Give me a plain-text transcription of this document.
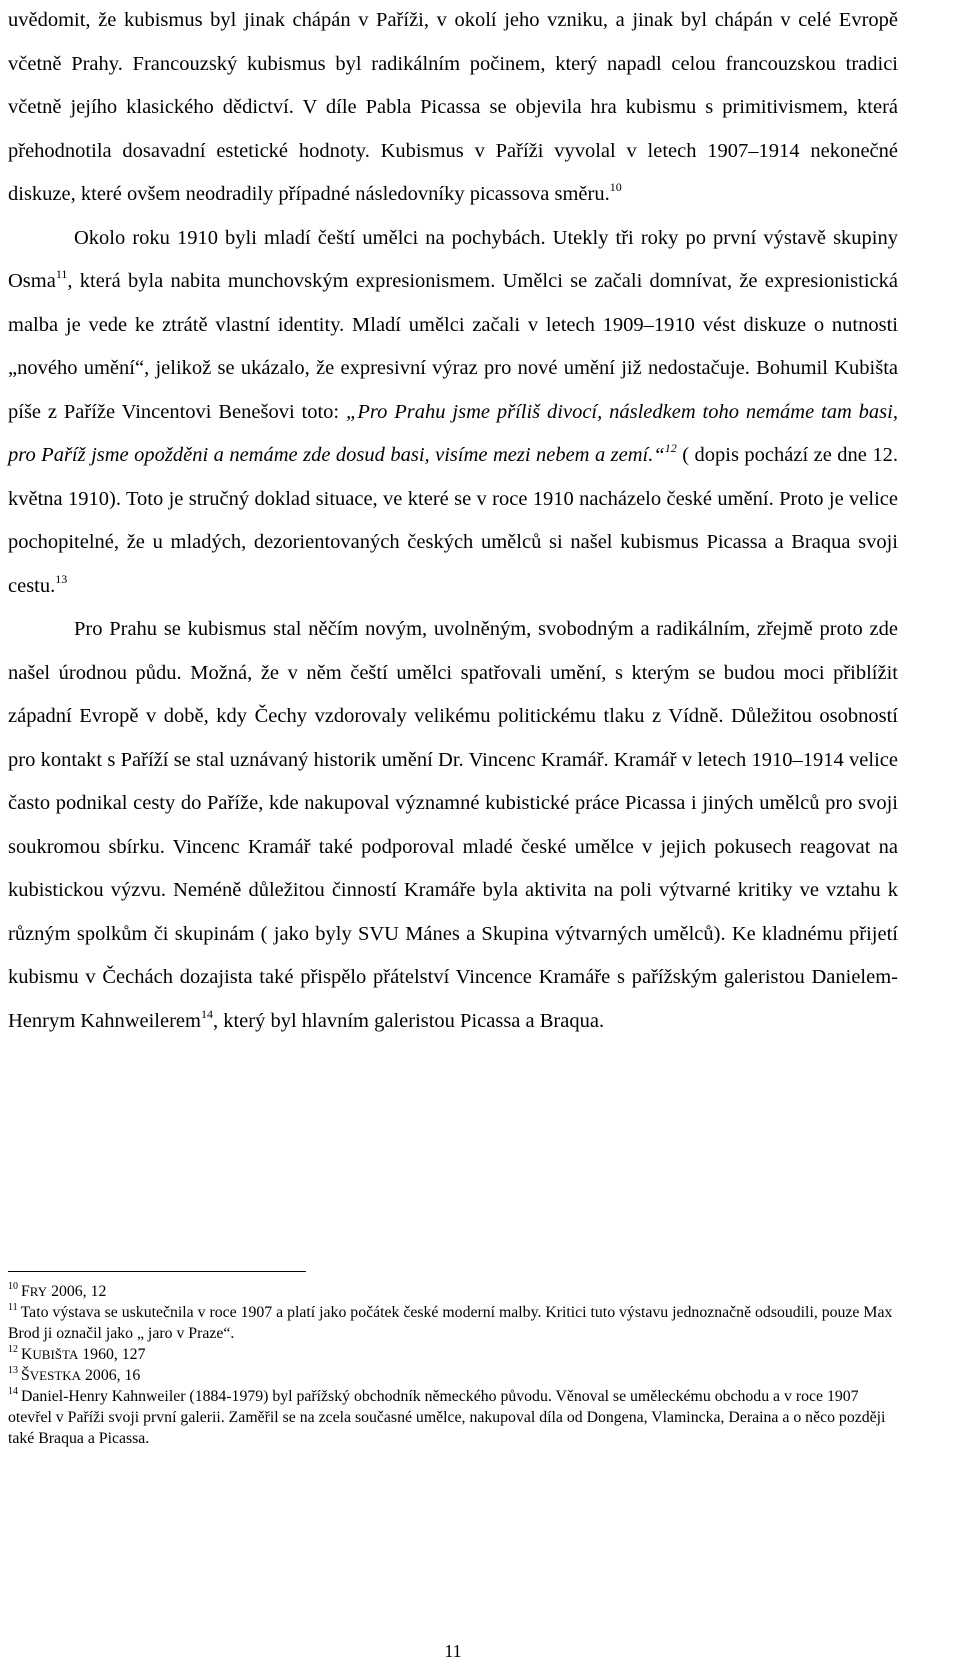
uvědomit, že kubismus byl jinak chápán v Paříži, v okolí jeho vzniku, a jinak byl chápán v celé Evropě včetně Prahy. Francouzský kubismus byl radikálním počinem, který napadl celou francouzskou tradici včetně jejího klasického dědictví. V díle Pabla Picassa se objevila hra kubismu s primitivismem, která přehodnotila dosavadní estetické hodnoty. Kubismus v Paříži vyvolal v letech 1907–1914 nekonečné diskuze, které ovšem neodradily případné následovníky picassova směru.$^{10}$

Okolo roku 1910 byli mladí čeští umělci na pochybách. Utekly tři roky po první výstavě skupiny Osma$^{11}$, která byla nabita munchovským expresionismem. Umělci se začali domnívat, že expresionistická malba je vede ke ztrátě vlastní identity. Mladí umělci začali v letech 1909–1910 vést diskuze o nutnosti „nového umění“, jelikož se ukázalo, že expresivní výraz pro nové umění již nedostačuje. Bohumil Kubišta píše z Paříže Vincentovi Benešovi toto: „Pro Prahu jsme příliš divocí, následkem toho nemáme tam basi, pro Paříž jsme opožděni a nemáme zde dosud basi, visíme mezi nebem a zemí.“$^{12}$ ( dopis pochází ze dne 12. května 1910). Toto je stručný doklad situace, ve které se v roce 1910 nacházelo české umění. Proto je velice pochopitelné, že u mladých, dezorientovaných českých umělců si našel kubismus Picassa a Braqua svoji cestu.$^{13}$

Pro Prahu se kubismus stal něčím novým, uvolněným, svobodným a radikálním, zřejmě proto zde našel úrodnou půdu. Možná, že v něm čeští umělci spatřovali umění, s kterým se budou moci přiblížit západní Evropě v době, kdy Čechy vzdorovaly velikému politickému tlaku z Vídně. Důležitou osobností pro kontakt s Paříží se stal uznávaný historik umění Dr. Vincenc Kramář. Kramář v letech 1910–1914 velice často podnikal cesty do Paříže, kde nakupoval významné kubistické práce Picassa i jiných umělců pro svoji soukromou sbírku. Vincenc Kramář také podporoval mladé české umělce v jejich pokusech reagovat na kubistickou výzvu. Neméně důležitou činností Kramáře byla aktivita na poli výtvarné kritiky ve vztahu k různým spolkům či skupinám ( jako byly SVU Mánes a Skupina výtvarných umělců). Ke kladnému přijetí kubismu v Čechách dozajista také přispělo přátelství Vincence Kramáře s pařížským galeristou Danielem-Henrym Kahnweilerem$^{14}$, který byl hlavním galeristou Picassa a Braqua.

$^{10}$ FRY 2006, 12

$^{11}$ Tato výstava se uskutečnila v roce 1907 a platí jako počátek české moderní malby. Kritici tuto výstavu jednoznačně odsoudili, pouze Max Brod ji označil jako „ jaro v Praze“.

$^{12}$ KUBIŠTA 1960, 127

$^{13}$ ŠVESTKA 2006, 16

$^{14}$ Daniel-Henry Kahnweiler (1884-1979) byl pařížský obchodník německého původu. Věnoval se uměleckému obchodu a v roce 1907 otevřel v Paříži svoji první galerii. Zaměřil se na zcela současné umělce, nakupoval díla od Dongena, Vlamincka, Deraina a o něco později také Braqua a Picassa.

11
